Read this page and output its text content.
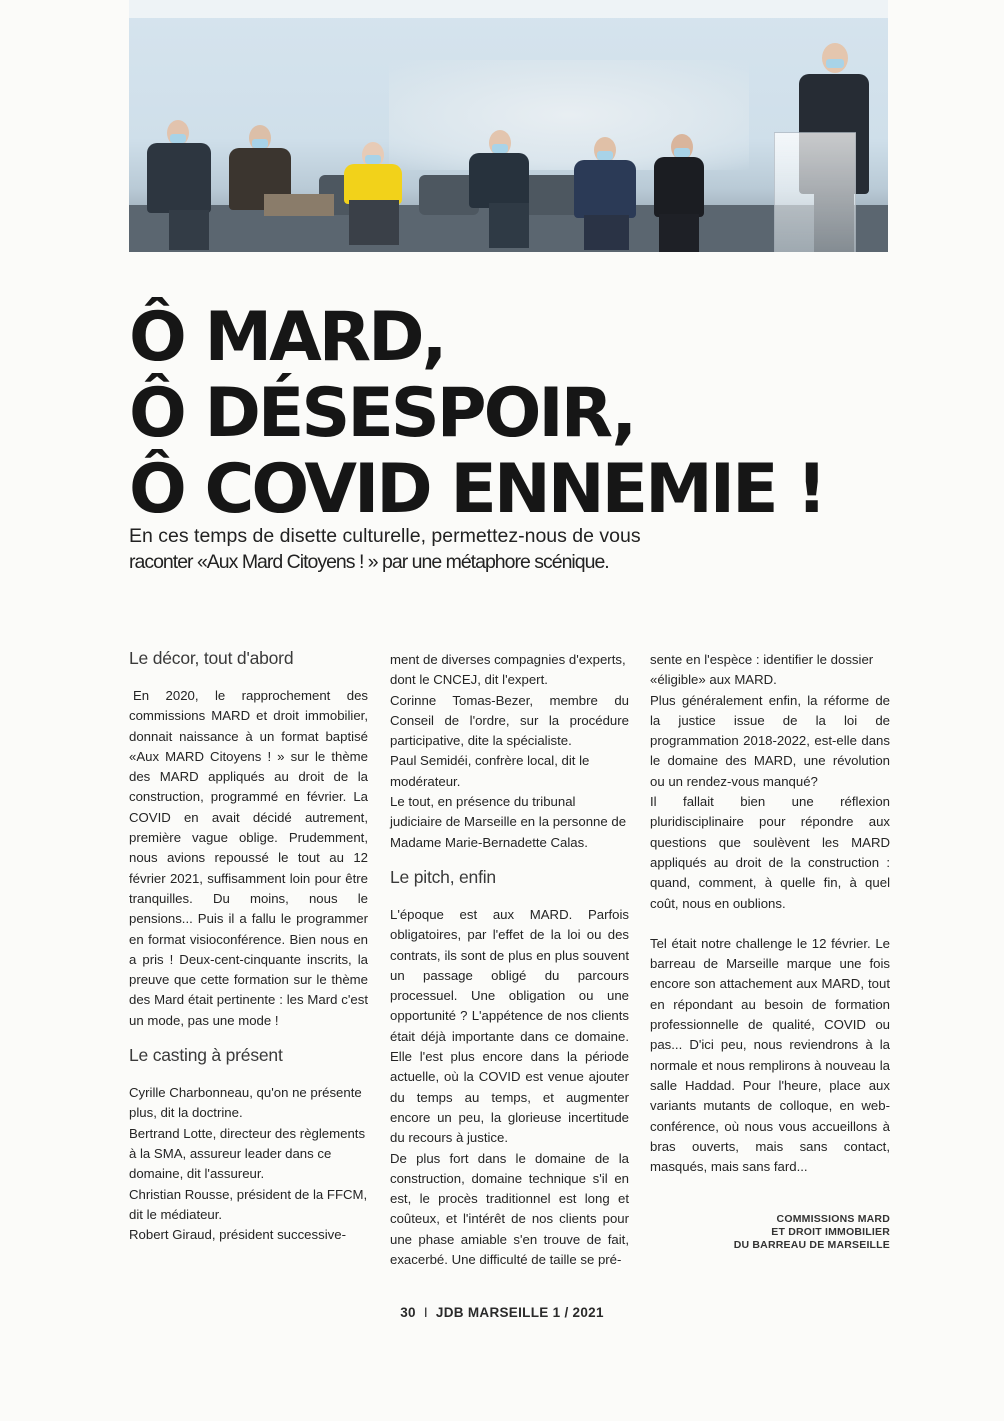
Ô MARD,
Ô DÉSESPOIR,
Ô COVID ENNEMIE !

En ces temps de disette culturelle, permettez-nous de vous
raconter «Aux Mard Citoyens ! » par une métaphore scénique.

Le décor, tout d'abord

En 2020, le rapprochement des commissions MARD et droit immobilier, donnait naissance à un format baptisé «Aux MARD Citoyens ! » sur le thème des MARD appliqués au droit de la construction, programmé en février. La COVID en avait décidé autrement, première vague oblige. Prudemment, nous avions repoussé le tout au 12 février 2021, suffisamment loin pour être tranquilles. Du moins, nous le pensions... Puis il a fallu le programmer en format visioconférence. Bien nous en a pris ! Deux-cent-cinquante inscrits, la preuve que cette formation sur le thème des Mard était pertinente : les Mard c'est un mode, pas une mode !

Le casting à présent

Cyrille Charbonneau, qu'on ne présente plus, dit la doctrine.

Bertrand Lotte, directeur des règlements à la SMA, assureur leader dans ce domaine, dit l'assureur.

Christian Rousse, président de la FFCM, dit le médiateur.

Robert Giraud, président successive-

ment de diverses compagnies d'experts, dont le CNCEJ, dit l'expert.

Corinne Tomas-Bezer, membre du Conseil de l'ordre, sur la procédure participative, dite la spécialiste.

Paul Semidéi, confrère local, dit le modérateur.

Le tout, en présence du tribunal judiciaire de Marseille en la personne de Madame Marie-Bernadette Calas.

Le pitch, enfin

L'époque est aux MARD. Parfois obligatoires, par l'effet de la loi ou des contrats, ils sont de plus en plus souvent un passage obligé du parcours processuel. Une obligation ou une opportunité ? L'appétence de nos clients était déjà importante dans ce domaine. Elle l'est plus encore dans la période actuelle, où la COVID est venue ajouter du temps au temps, et augmenter encore un peu, la glorieuse incertitude du recours à justice.

De plus fort dans le domaine de la construction, domaine technique s'il en est, le procès traditionnel est long et coûteux, et l'intérêt de nos clients pour une phase amiable s'en trouve de fait, exacerbé. Une difficulté de taille se pré-

sente en l'espèce : identifier le dossier «éligible» aux MARD.

Plus généralement enfin, la réforme de la justice issue de la loi de programmation 2018-2022, est-elle dans le domaine des MARD, une révolution ou un rendez-vous manqué?

Il fallait bien une réflexion pluridisciplinaire pour répondre aux questions que soulèvent les MARD appliqués au droit de la construction : quand, comment, à quelle fin, à quel coût, nous en oublions.

Tel était notre challenge le 12 février. Le barreau de Marseille marque une fois encore son attachement aux MARD, tout en répondant au besoin de formation professionnelle de qualité, COVID ou pas... D'ici peu, nous reviendrons à la normale et nous remplirons à nouveau la salle Haddad. Pour l'heure, place aux variants mutants de colloque, en web-conférence, où nous vous accueillons à bras ouverts, mais sans contact, masqués, mais sans fard...

COMMISSIONS MARD
ET DROIT IMMOBILIER
DU BARREAU DE MARSEILLE
30 I JDB MARSEILLE 1 / 2021
